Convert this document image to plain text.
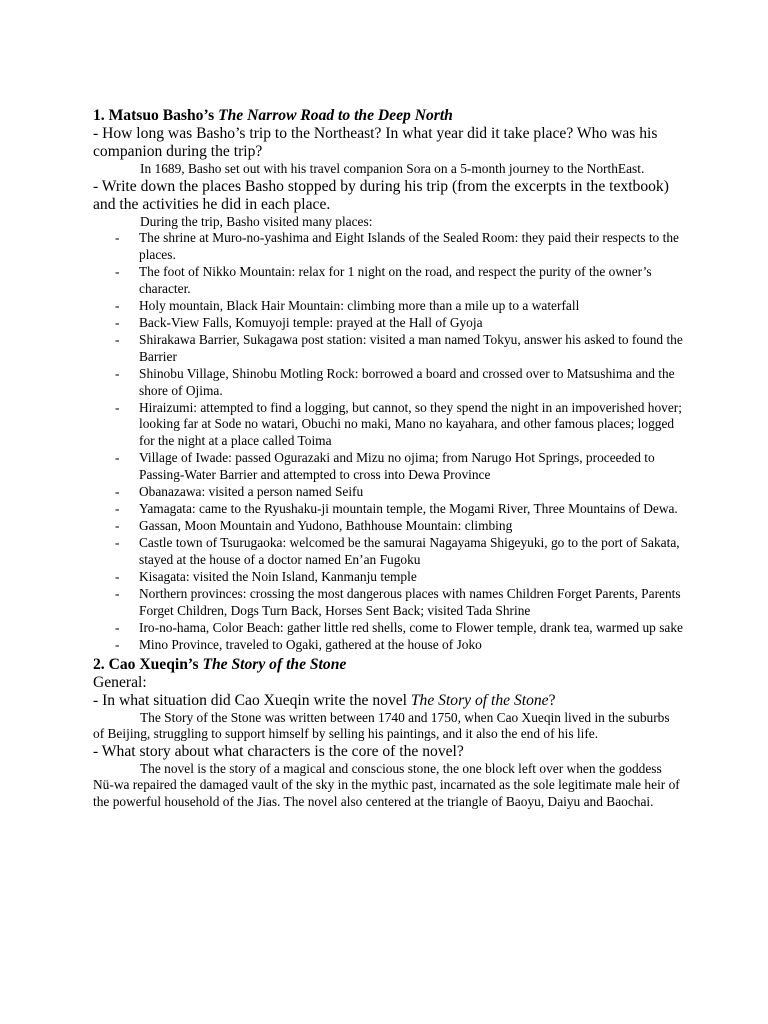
1. Matsuo Basho’s The Narrow Road to the Deep North

- How long was Basho’s trip to the Northeast? In what year did it take place? Who was his companion during the trip?

In 1689, Basho set out with his travel companion Sora on a 5-month journey to the NorthEast.

- Write down the places Basho stopped by during his trip (from the excerpts in the textbook) and the activities he did in each place.

During the trip, Basho visited many places:

- The shrine at Muro-no-yashima and Eight Islands of the Sealed Room: they paid their respects to the places.
- The foot of Nikko Mountain: relax for 1 night on the road, and respect the purity of the owner’s character.
- Holy mountain, Black Hair Mountain: climbing more than a mile up to a waterfall
- Back-View Falls, Komuyoji temple: prayed at the Hall of Gyoja
- Shirakawa Barrier, Sukagawa post station: visited a man named Tokyu, answer his asked to found the Barrier
- Shinobu Village, Shinobu Motling Rock: borrowed a board and crossed over to Matsushima and the shore of Ojima.
- Hiraizumi: attempted to find a logging, but cannot, so they spend the night in an impoverished hover; looking far at Sode no watari, Obuchi no maki, Mano no kayahara, and other famous places; logged for the night at a place called Toima
- Village of Iwade: passed Ogurazaki and Mizu no ojima; from Narugo Hot Springs, proceeded to Passing-Water Barrier and attempted to cross into Dewa Province
- Obanazawa: visited a person named Seifu
- Yamagata: came to the Ryushaku-ji mountain temple, the Mogami River, Three Mountains of Dewa.
- Gassan, Moon Mountain and Yudono, Bathhouse Mountain: climbing
- Castle town of Tsurugaoka: welcomed be the samurai Nagayama Shigeyuki, go to the port of Sakata, stayed at the house of a doctor named En’an Fugoku
- Kisagata: visited the Noin Island, Kanmanju temple
- Northern provinces: crossing the most dangerous places with names Children Forget Parents, Parents Forget Children, Dogs Turn Back, Horses Sent Back; visited Tada Shrine
- Iro-no-hama, Color Beach: gather little red shells, come to Flower temple, drank tea, warmed up sake
- Mino Province, traveled to Ogaki, gathered at the house of Joko

2. Cao Xueqin’s The Story of the Stone

General:

- In what situation did Cao Xueqin write the novel The Story of the Stone?

The Story of the Stone was written between 1740 and 1750, when Cao Xueqin lived in the suburbs of Beijing, struggling to support himself by selling his paintings, and it also the end of his life.

- What story about what characters is the core of the novel?

The novel is the story of a magical and conscious stone, the one block left over when the goddess Nü-wa repaired the damaged vault of the sky in the mythic past, incarnated as the sole legitimate male heir of the powerful household of the Jias. The novel also centered at the triangle of Baoyu, Daiyu and Baochai.
